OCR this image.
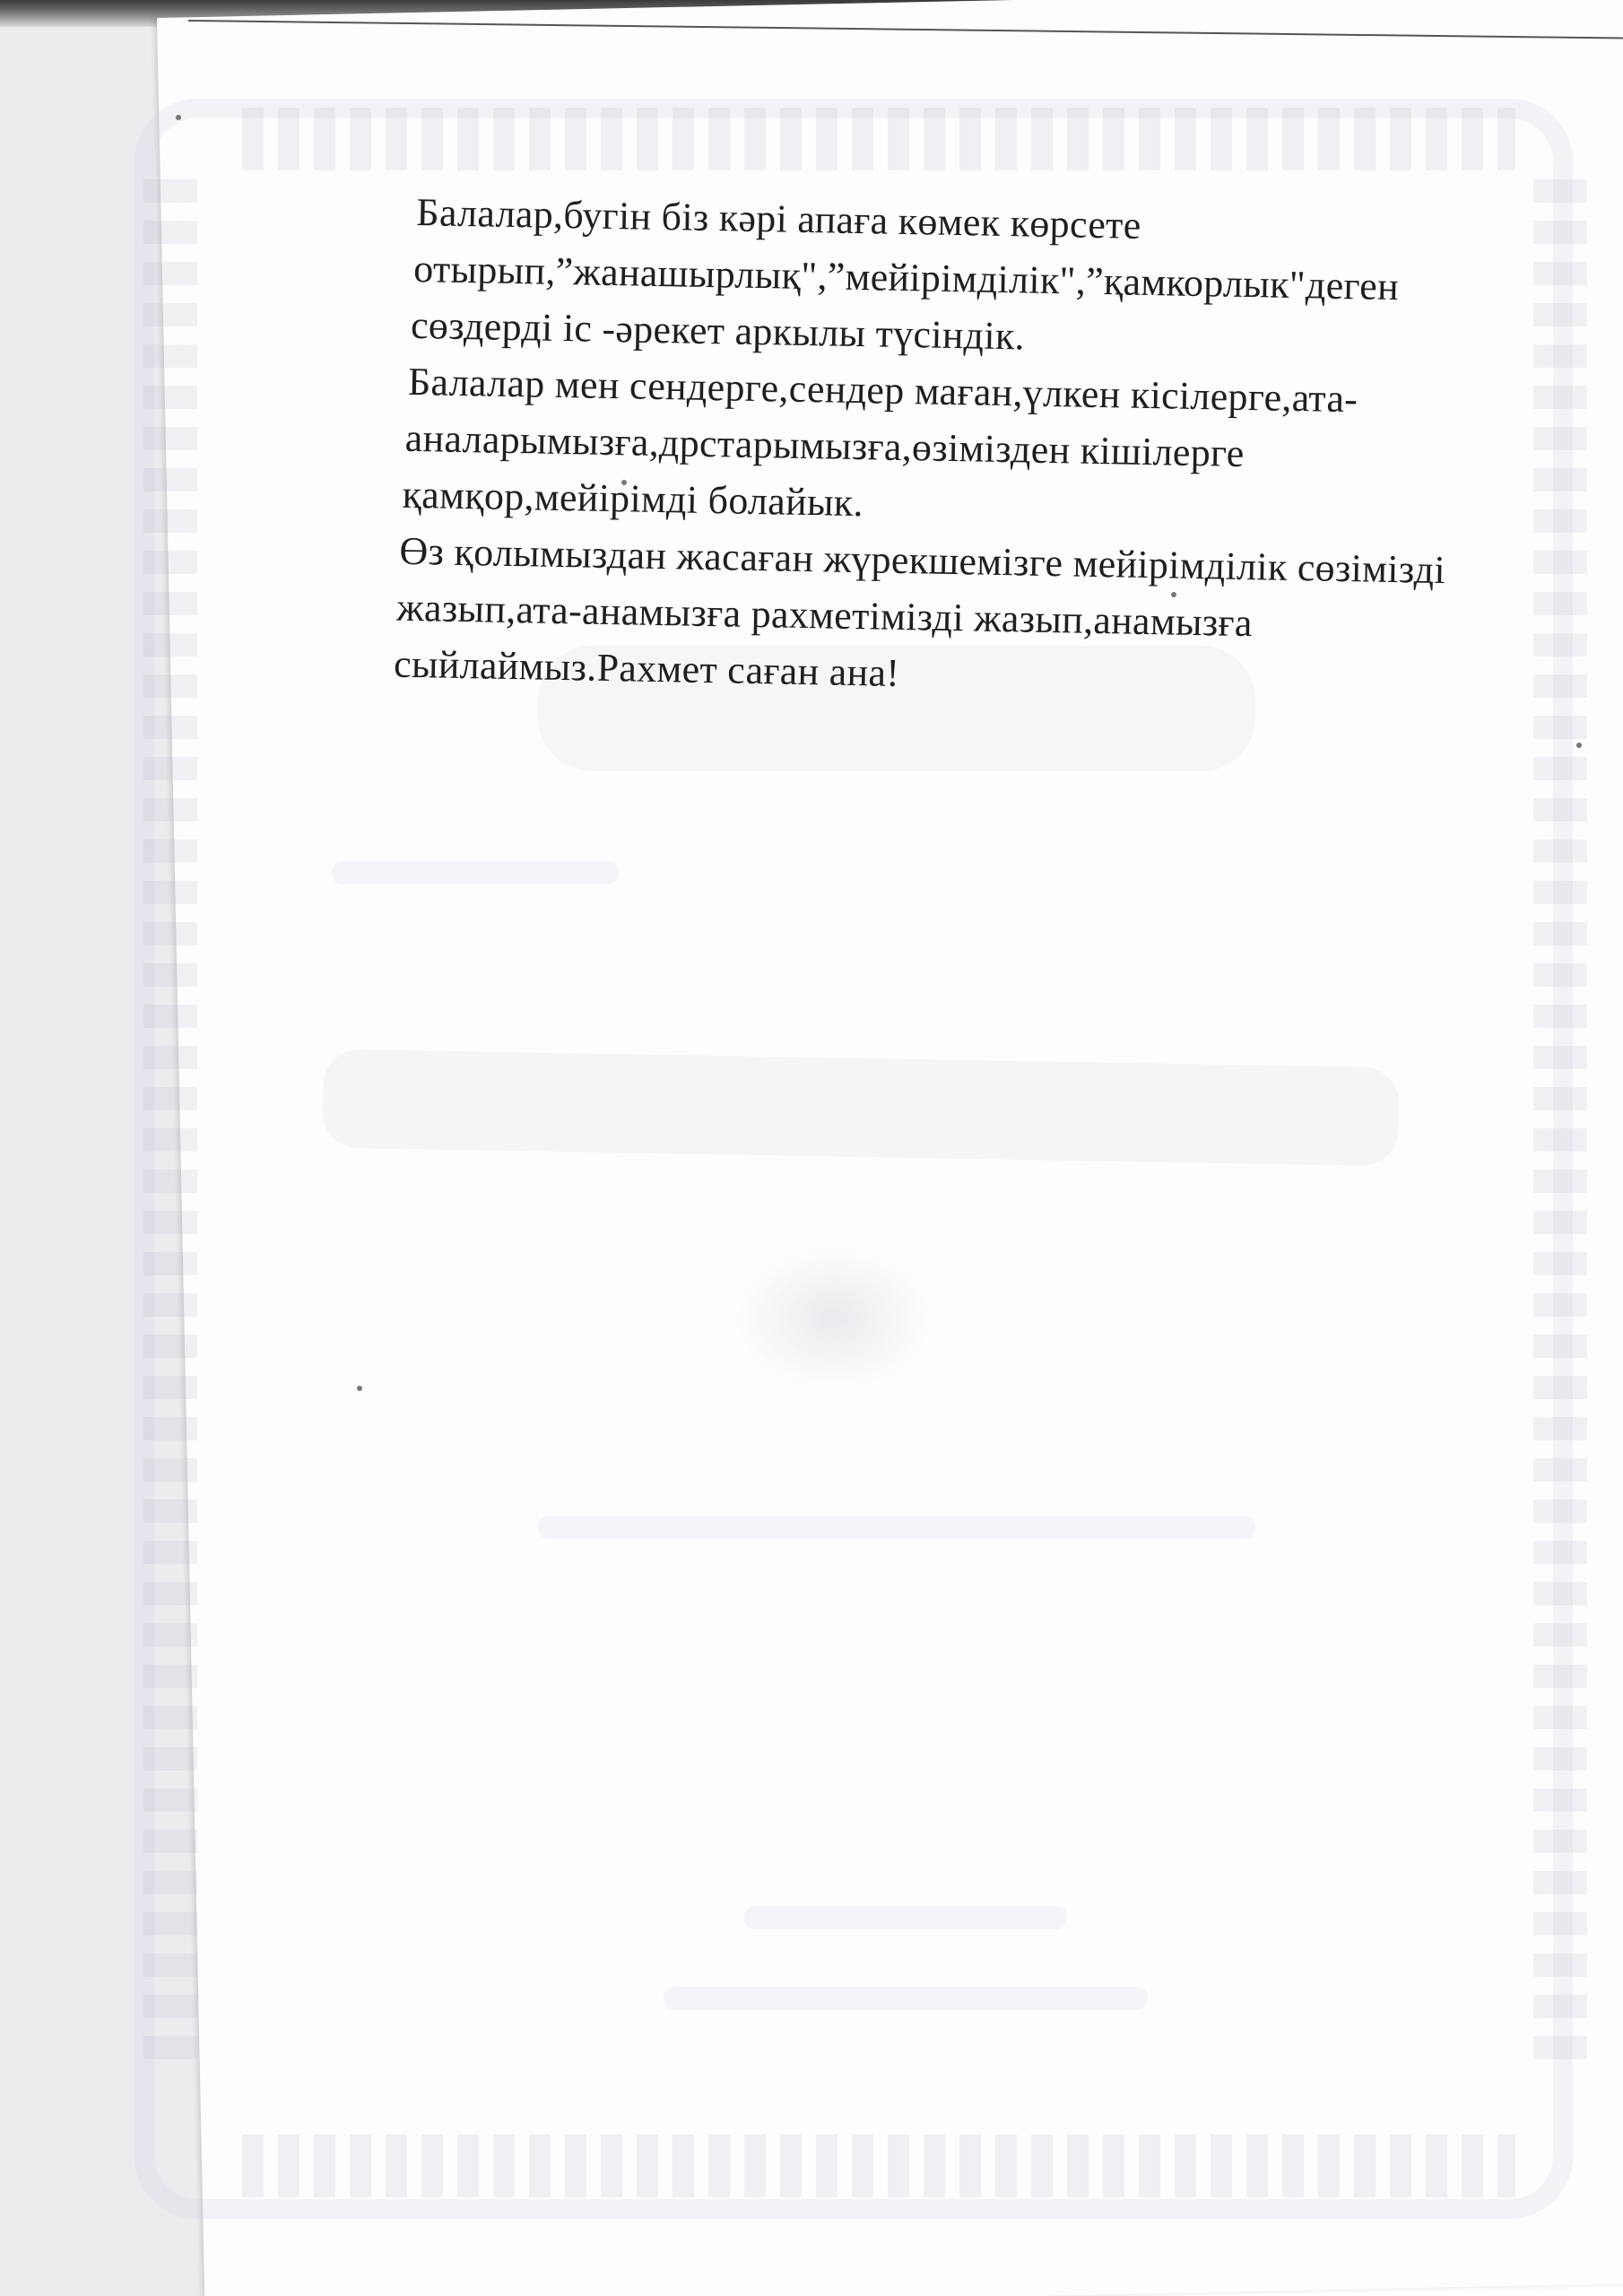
Балалар,бугін біз кәрі апаға көмек көрсете
отырып,”жанашырлық",”мейірімділік",”қамкорлык"деген
сөздерді іс -әрекет аркылы түсіндік.
Балалар мен сендерге,сендер маған,үлкен кісілерге,ата-
аналарымызға,дрстарымызға,өзімізден кішілерге
қамқор,мейірімді болайык.
Өз қолымыздан жасаған жүрекшемізге мейірімділік сөзімізді
жазып,ата-анамызға рахметімізді жазып,анамызға
сыйлаймыз.Рахмет саған ана!
